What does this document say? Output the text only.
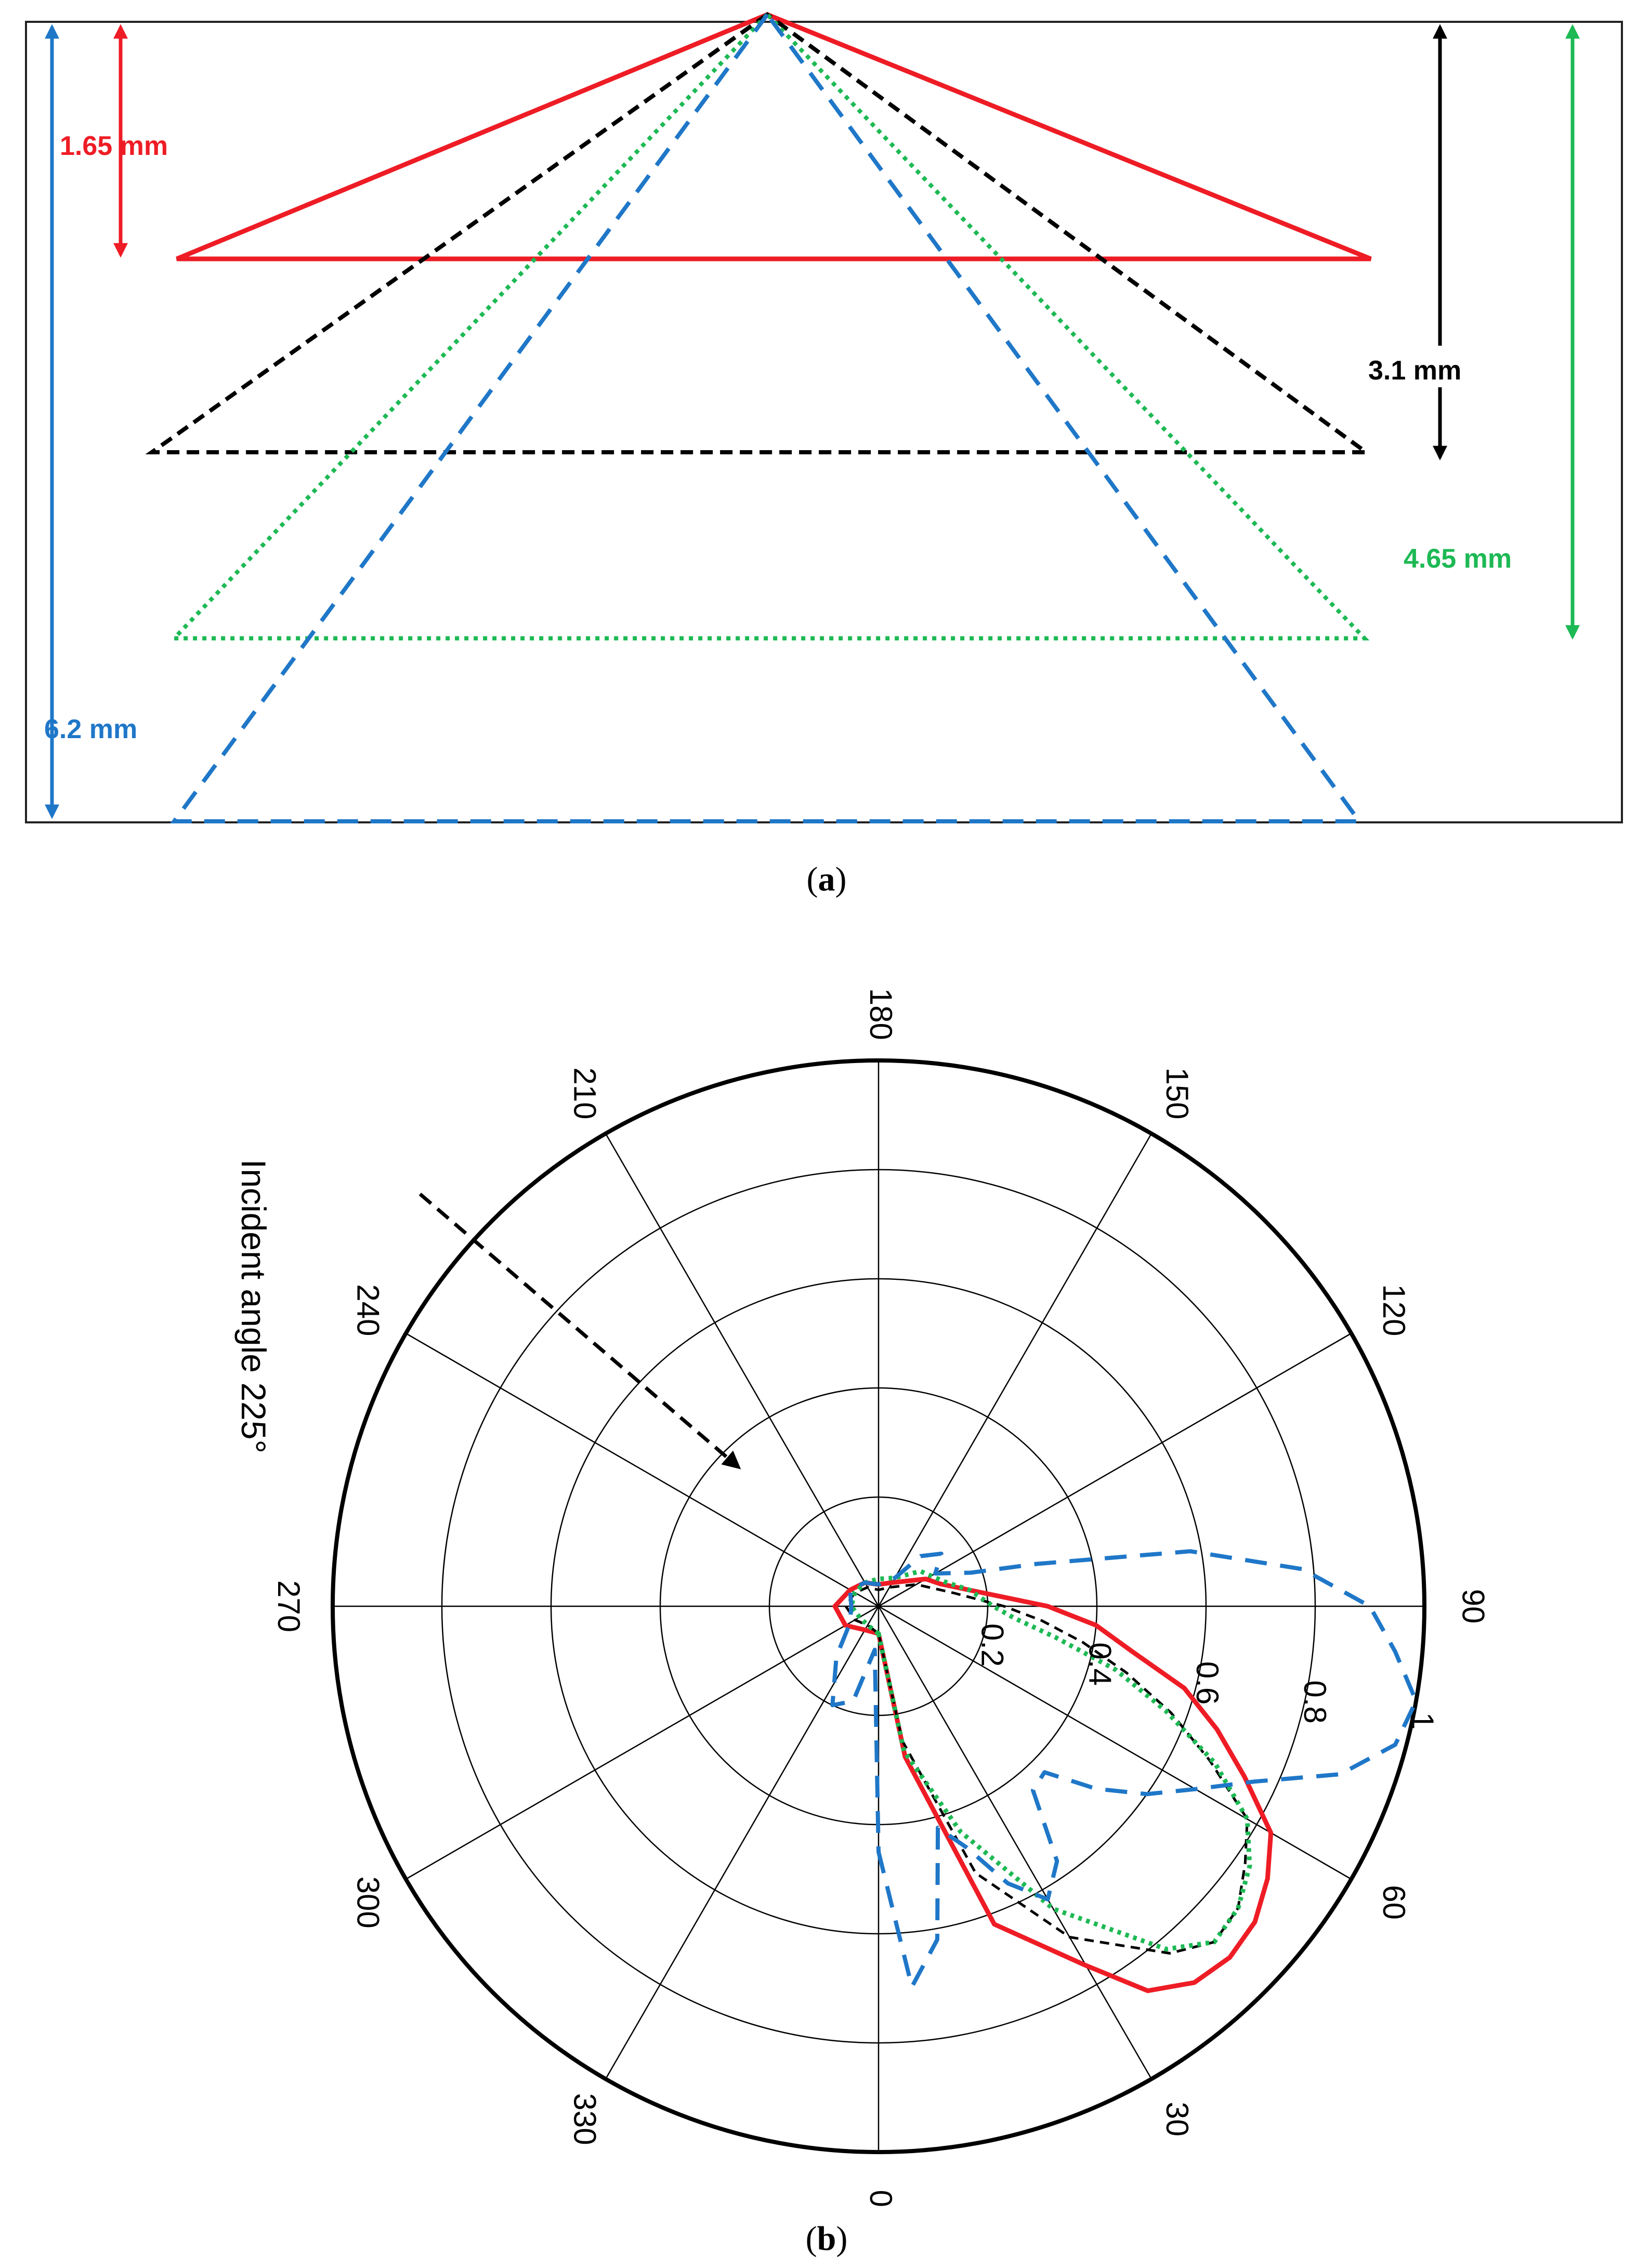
1.65 mm
3.1 mm
4.65 mm
6.2 mm
(a)
0
30
60
90
120
150
180
210
240
270
300
330
0.2 0.4 0.6 0.8 1
Incident angle 225°
(b)
